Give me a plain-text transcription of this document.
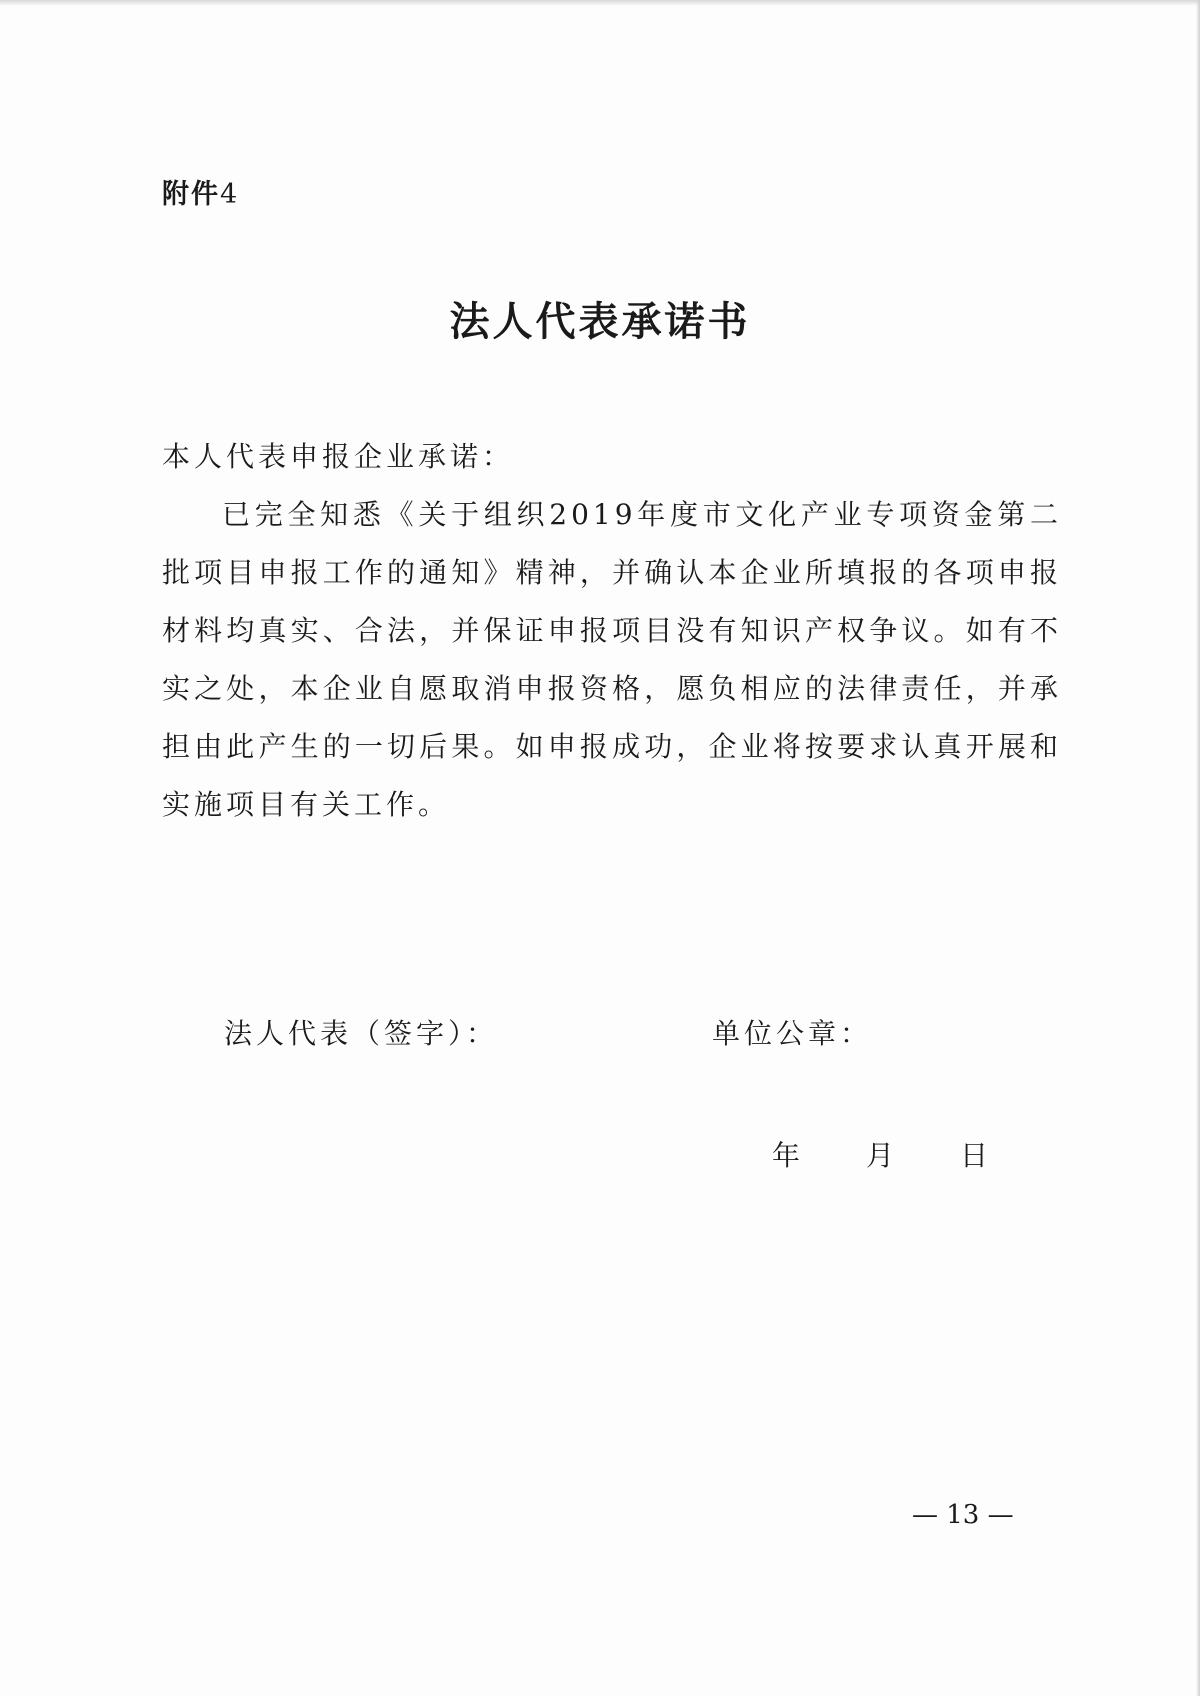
附件4
法人代表承诺书

本人代表申报企业承诺：

已完全知悉《关于组织2019年度市文化产业专项资金第二批项目申报工作的通知》精神，并确认本企业所填报的各项申报材料均真实、合法，并保证申报项目没有知识产权争议。如有不实之处，本企业自愿取消申报资格，愿负相应的法律责任，并承担由此产生的一切后果。如申报成功，企业将按要求认真开展和实施项目有关工作。

法人代表（签字）：	单位公章：
年 月 日
— 13 —
